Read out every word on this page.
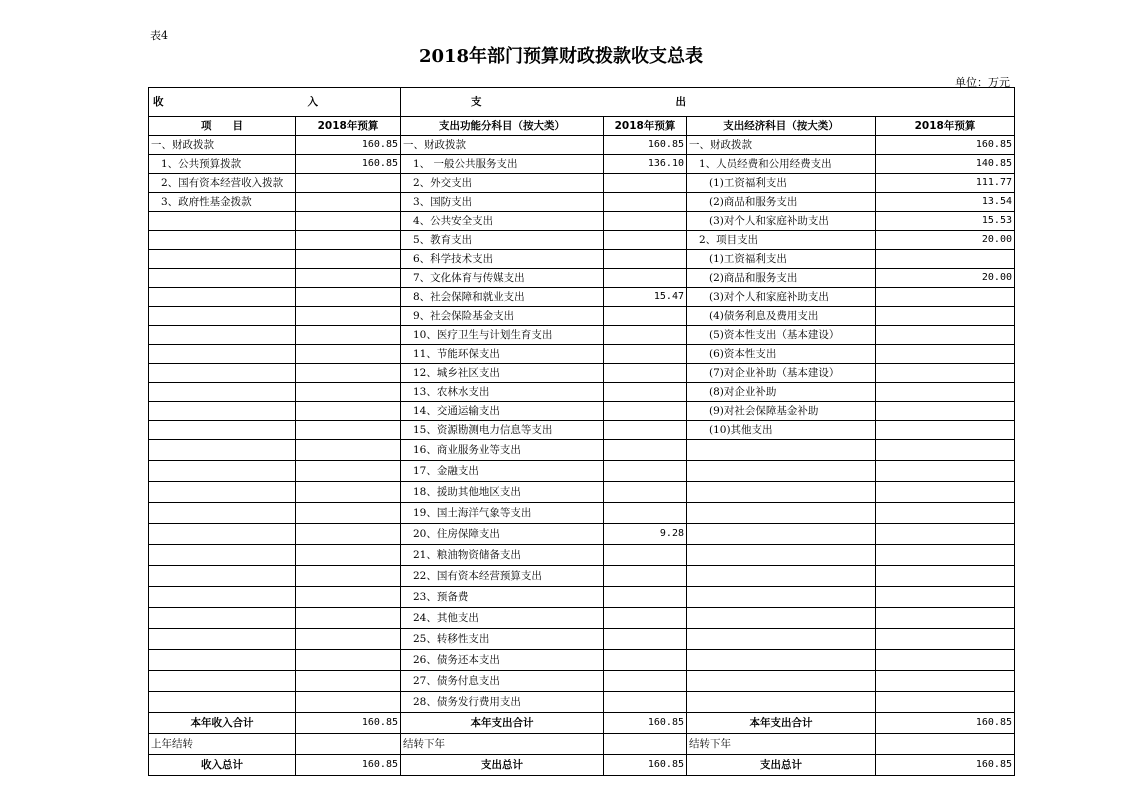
表4
2018年部门预算财政拨款收支总表
单位：万元
收 入		支 出			

项　　目	2018年预算	支出功能分科目（按大类）	2018年预算	支出经济科目（按大类）	2018年预算
一、财政拨款	160.85	一、财政拨款	160.85	一、财政拨款	160.85
1、公共预算拨款	160.85	1、 一般公共服务支出	136.10	1、人员经费和公用经费支出	140.85
2、国有资本经营收入拨款		2、外交支出		(1)工资福利支出	111.77
3、政府性基金拨款		3、国防支出		(2)商品和服务支出	13.54
		4、公共安全支出		(3)对个人和家庭补助支出	15.53
		5、教育支出		2、项目支出	20.00
		6、科学技术支出		(1)工资福利支出	
		7、文化体育与传媒支出		(2)商品和服务支出	20.00
		8、社会保障和就业支出	15.47	(3)对个人和家庭补助支出	
		9、社会保险基金支出		(4)债务利息及费用支出	
		10、医疗卫生与计划生育支出		(5)资本性支出（基本建设）	
		11、节能环保支出		(6)资本性支出	
		12、城乡社区支出		(7)对企业补助（基本建设）	
		13、农林水支出		(8)对企业补助	
		14、交通运输支出		(9)对社会保障基金补助	
		15、资源勘测电力信息等支出		(10)其他支出	
		16、商业服务业等支出			
		17、金融支出			
		18、援助其他地区支出			
		19、国土海洋气象等支出			
		20、住房保障支出	9.28		
		21、粮油物资储备支出			
		22、国有资本经营预算支出			
		23、预备费			
		24、其他支出			
		25、转移性支出			
		26、债务还本支出			
		27、债务付息支出			
		28、债务发行费用支出			
本年收入合计	160.85	本年支出合计	160.85	本年支出合计	160.85
上年结转		结转下年		结转下年	
收入总计	160.85	支出总计	160.85	支出总计	160.85
